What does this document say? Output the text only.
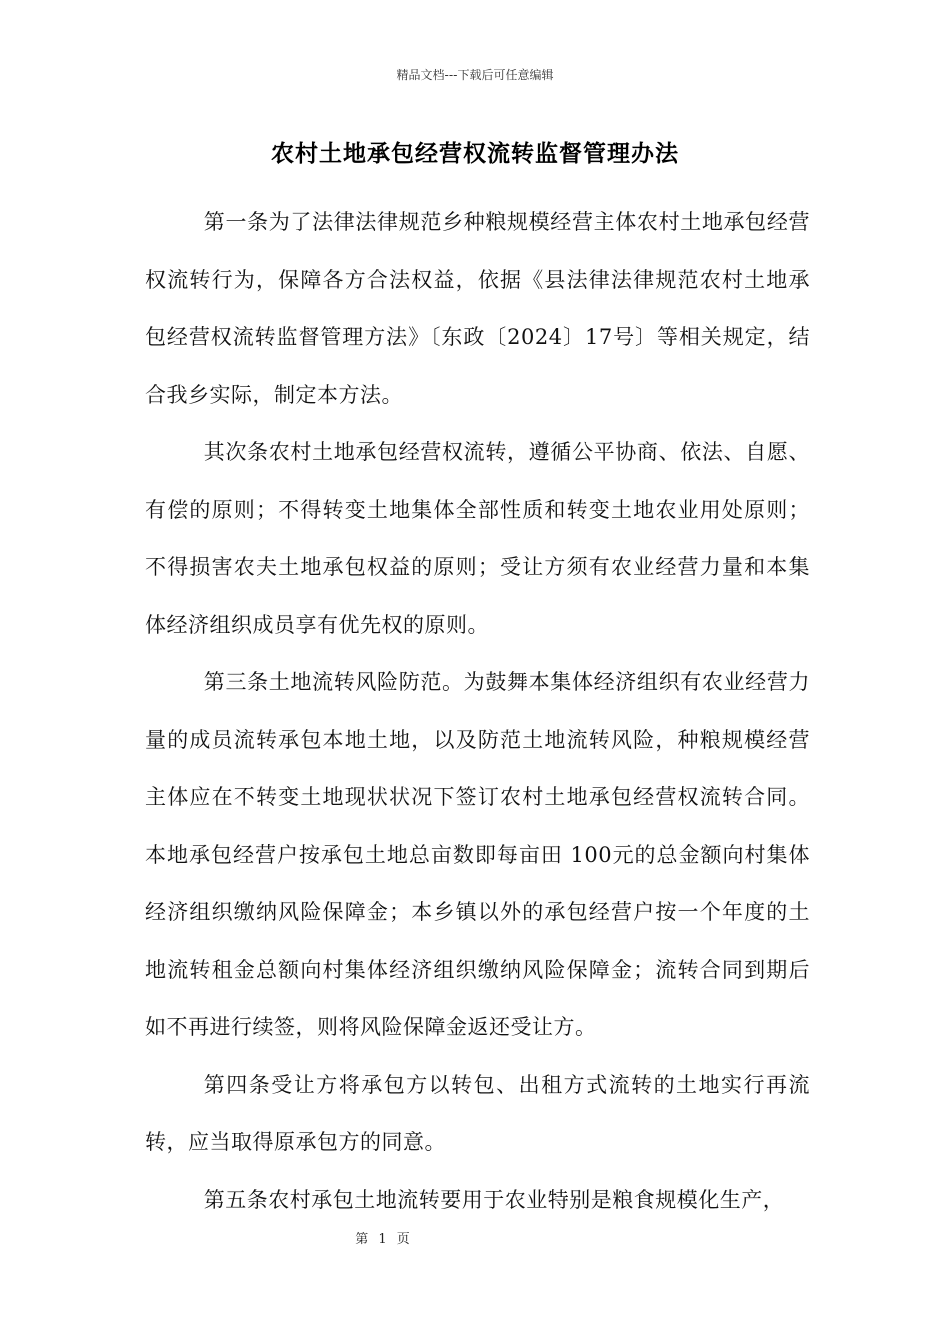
精品文档---下载后可任意编辑
农村土地承包经营权流转监督管理办法

第一条为了法律法律规范乡种粮规模经营主体农村土地承包经营权流转行为，保障各方合法权益，依据《县法律法律规范农村土地承包经营权流转监督管理方法》〔东政〔2024〕17号〕等相关规定，结合我乡实际，制定本方法。

其次条农村土地承包经营权流转，遵循公平协商、依法、自愿、有偿的原则；不得转变土地集体全部性质和转变土地农业用处原则；不得损害农夫土地承包权益的原则；受让方须有农业经营力量和本集体经济组织成员享有优先权的原则。

第三条土地流转风险防范。为鼓舞本集体经济组织有农业经营力量的成员流转承包本地土地，以及防范土地流转风险，种粮规模经营主体应在不转变土地现状状况下签订农村土地承包经营权流转合同。本地承包经营户按承包土地总亩数即每亩田 100元的总金额向村集体经济组织缴纳风险保障金；本乡镇以外的承包经营户按一个年度的土地流转租金总额向村集体经济组织缴纳风险保障金；流转合同到期后如不再进行续签，则将风险保障金返还受让方。

第四条受让方将承包方以转包、出租方式流转的土地实行再流转，应当取得原承包方的同意。

第五条农村承包土地流转要用于农业特别是粮食规模化生产，

第 1 页
